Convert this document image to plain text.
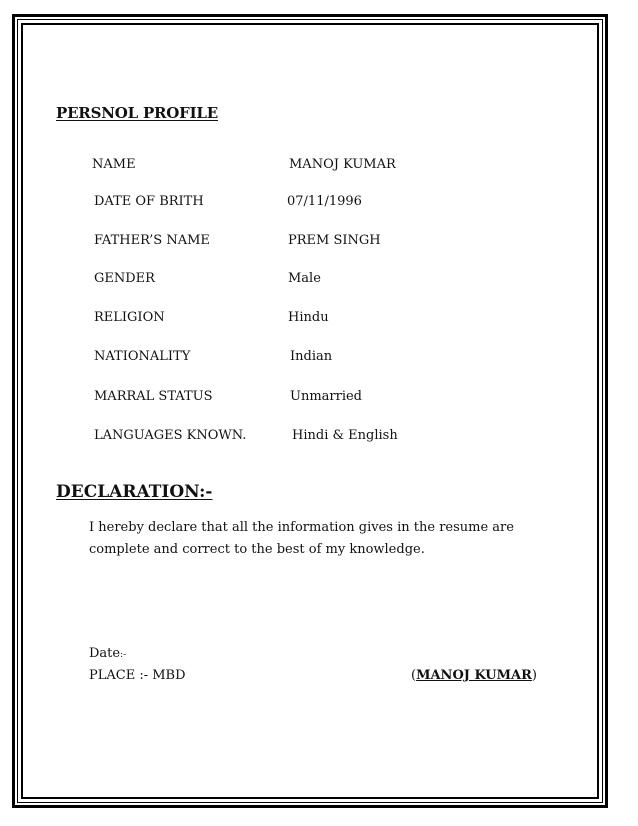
PERSNOL PROFILE
NAME	MANOJ KUMAR
DATE OF BRITH	07/11/1996
FATHER’S NAME	PREM SINGH
GENDER	Male
RELIGION	Hindu
NATIONALITY	Indian
MARRAL STATUS	Unmarried
LANGUAGES KNOWN.	Hindi & English
DECLARATION:-
I hereby declare that all the information gives in the resume are complete and correct to the best of my knowledge.
Date:-
PLACE :- MBD	(MANOJ KUMAR)
